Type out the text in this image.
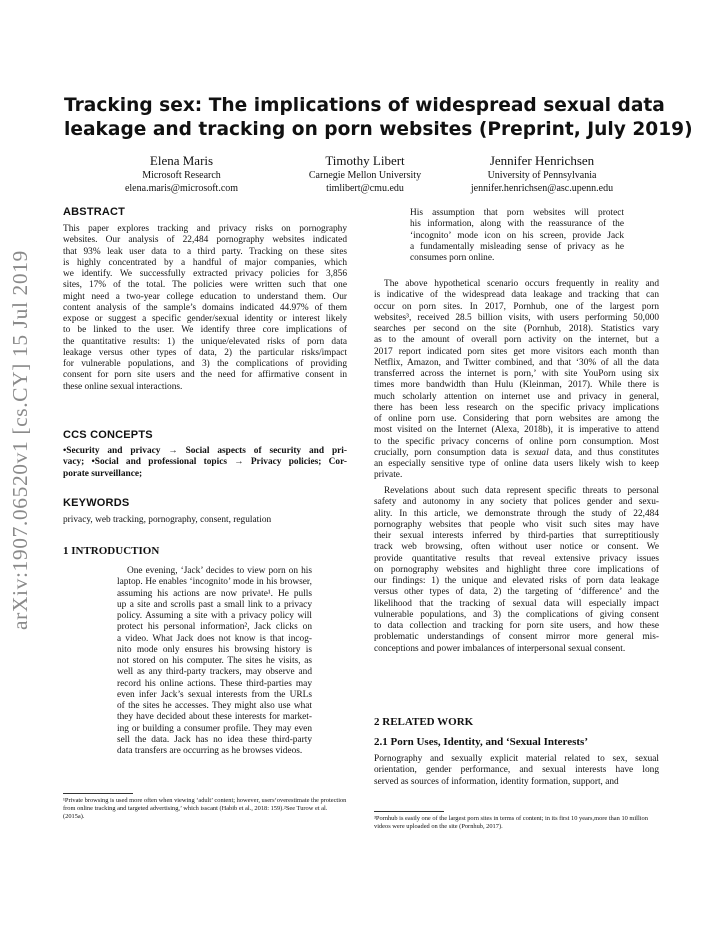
arXiv:1907.06520v1 [cs.CY] 15 Jul 2019
Tracking sex: The implications of widespread sexual data
leakage and tracking on porn websites (Preprint, July 2019)
Elena Maris
Microsoft Research
elena.maris@microsoft.com
Timothy Libert
Carnegie Mellon University
timlibert@cmu.edu
Jennifer Henrichsen
University of Pennsylvania
jennifer.henrichsen@asc.upenn.edu
ABSTRACT
This paper explores tracking and privacy risks on pornography
websites. Our analysis of 22,484 pornography websites indicated
that 93% leak user data to a third party. Tracking on these sites
is highly concentrated by a handful of major companies, which
we identify. We successfully extracted privacy policies for 3,856
sites, 17% of the total. The policies were written such that one
might need a two-year college education to understand them. Our
content analysis of the sample’s domains indicated 44.97% of them
expose or suggest a specific gender/sexual identity or interest likely
to be linked to the user. We identify three core implications of
the quantitative results: 1) the unique/elevated risks of porn data
leakage versus other types of data, 2) the particular risks/impact
for vulnerable populations, and 3) the complications of providing
consent for porn site users and the need for affirmative consent in
these online sexual interactions.
CCS CONCEPTS
•Security and privacy → Social aspects of security and pri-
vacy; •Social and professional topics → Privacy policies; Cor-
porate surveillance;
KEYWORDS
privacy, web tracking, pornography, consent, regulation
1 INTRODUCTION
One evening, ‘Jack’ decides to view porn on his
laptop. He enables ‘incognito’ mode in his browser,
assuming his actions are now private¹. He pulls
up a site and scrolls past a small link to a privacy
policy. Assuming a site with a privacy policy will
protect his personal information², Jack clicks on
a video. What Jack does not know is that incog-
nito mode only ensures his browsing history is
not stored on his computer. The sites he visits, as
well as any third-party trackers, may observe and
record his online actions. These third-parties may
even infer Jack’s sexual interests from the URLs
of the sites he accesses. They might also use what
they have decided about these interests for market-
ing or building a consumer profile. They may even
sell the data. Jack has no idea these third-party
data transfers are occurring as he browses videos.
¹Private browsing is used more often when viewing ‘adult’ content; however, users‘overestimate the protection from online tracking and targeted advertising,’ which isscant (Habib et al., 2018: 159).²See Turow et al. (2015a).
His assumption that porn websites will protect
his information, along with the reassurance of the
‘incognito’ mode icon on his screen, provide Jack
a fundamentally misleading sense of privacy as he
consumes porn online.
The above hypothetical scenario occurs frequently in reality and
is indicative of the widespread data leakage and tracking that can
occur on porn sites. In 2017, Pornhub, one of the largest porn
websites³, received 28.5 billion visits, with users performing 50,000
searches per second on the site (Pornhub, 2018). Statistics vary
as to the amount of overall porn activity on the internet, but a
2017 report indicated porn sites get more visitors each month than
Netflix, Amazon, and Twitter combined, and that ‘30% of all the data
transferred across the internet is porn,’ with site YouPorn using six
times more bandwidth than Hulu (Kleinman, 2017). While there is
much scholarly attention on internet use and privacy in general,
there has been less research on the specific privacy implications
of online porn use. Considering that porn websites are among the
most visited on the Internet (Alexa, 2018b), it is imperative to attend
to the specific privacy concerns of online porn consumption. Most
crucially, porn consumption data is sexual data, and thus constitutes
an especially sensitive type of online data users likely wish to keep
private.
Revelations about such data represent specific threats to personal
safety and autonomy in any society that polices gender and sexu-
ality. In this article, we demonstrate through the study of 22,484
pornography websites that people who visit such sites may have
their sexual interests inferred by third-parties that surreptitiously
track web browsing, often without user notice or consent. We
provide quantitative results that reveal extensive privacy issues
on pornography websites and highlight three core implications of
our findings: 1) the unique and elevated risks of porn data leakage
versus other types of data, 2) the targeting of ‘difference’ and the
likelihood that the tracking of sexual data will especially impact
vulnerable populations, and 3) the complications of giving consent
to data collection and tracking for porn site users, and how these
problematic understandings of consent mirror more general mis-
conceptions and power imbalances of interpersonal sexual consent.
2 RELATED WORK
2.1 Porn Uses, Identity, and ‘Sexual Interests’
Pornography and sexually explicit material related to sex, sexual
orientation, gender performance, and sexual interests have long
served as sources of information, identity formation, support, and
³Pornhub is easily one of the largest porn sites in terms of content; in its first 10 years,more than 10 million videos were uploaded on the site (Pornhub, 2017).
